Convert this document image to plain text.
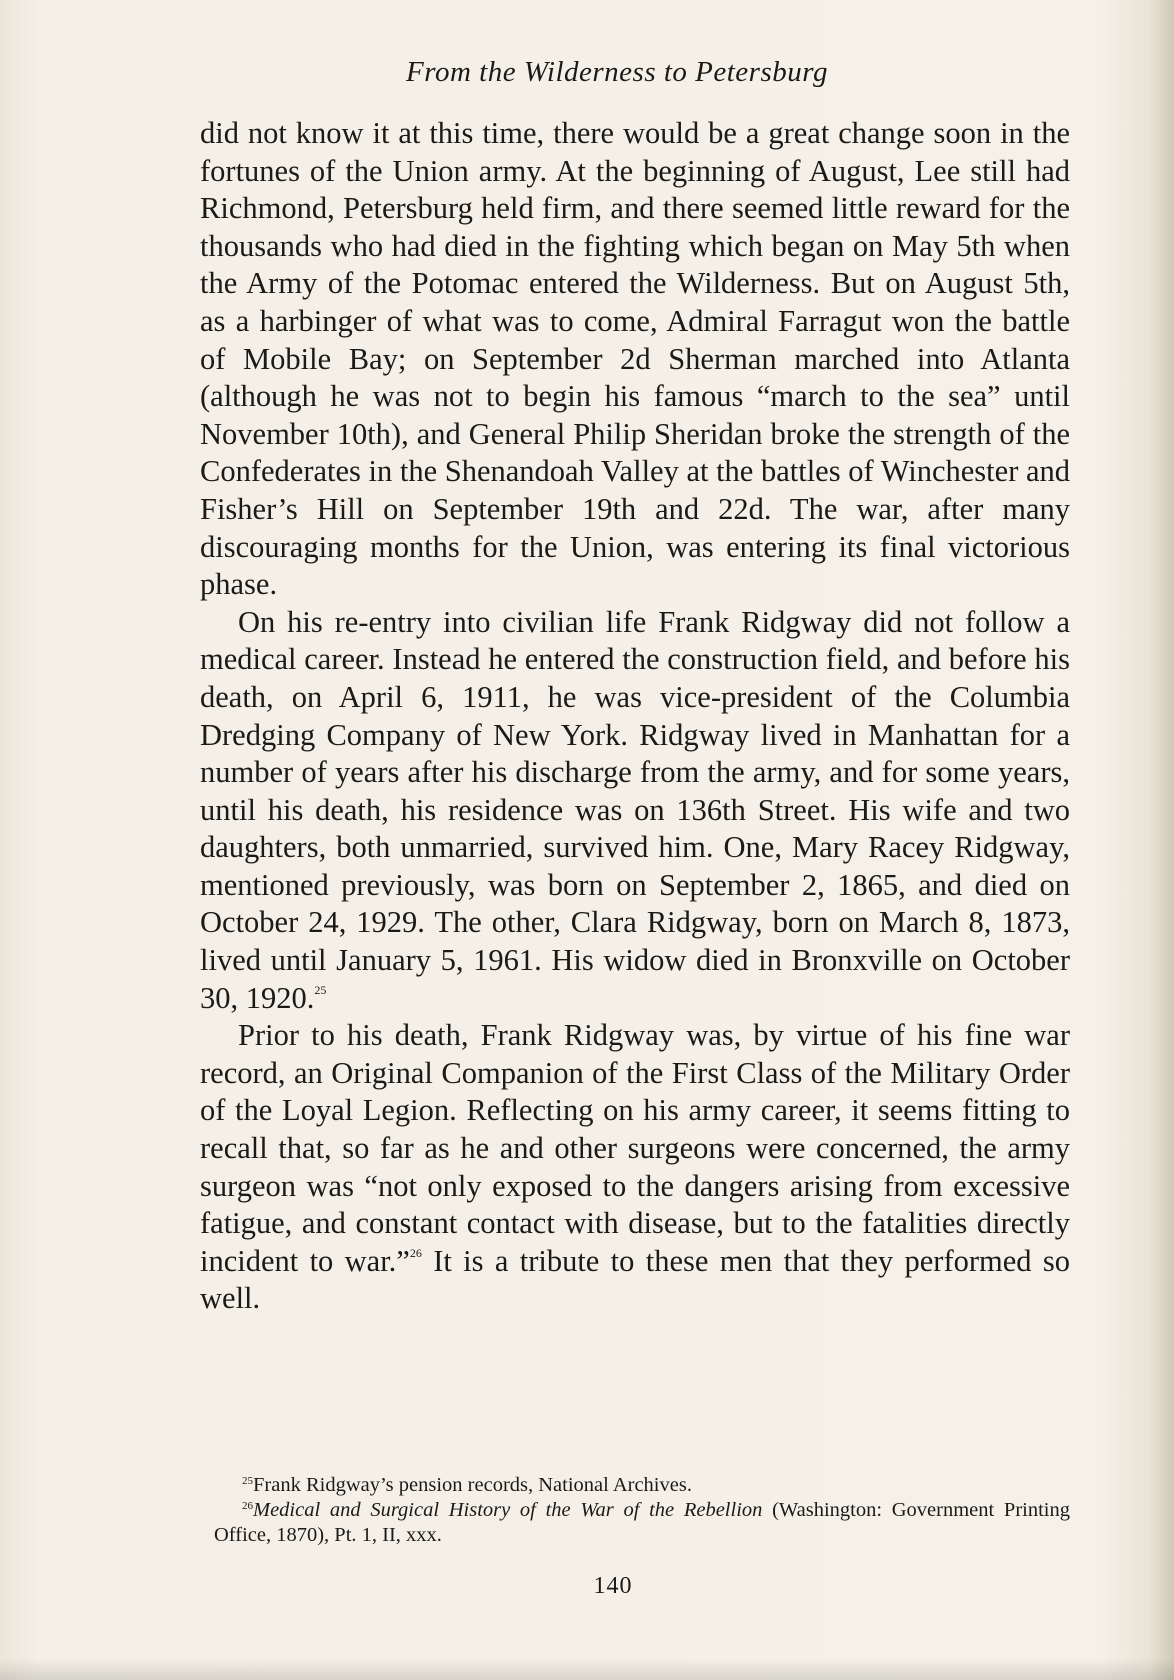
From the Wilderness to Petersburg

did not know it at this time, there would be a great change soon in the fortunes of the Union army. At the beginning of August, Lee still had Richmond, Petersburg held firm, and there seemed little reward for the thousands who had died in the fighting which began on May 5th when the Army of the Potomac entered the Wilderness. But on August 5th, as a harbinger of what was to come, Admiral Farragut won the battle of Mobile Bay; on September 2d Sherman marched into Atlanta (although he was not to begin his famous “march to the sea” until November 10th), and General Philip Sheridan broke the strength of the Confederates in the Shenandoah Valley at the battles of Winchester and Fisher’s Hill on September 19th and 22d. The war, after many discouraging months for the Union, was entering its final victorious phase.

On his re-entry into civilian life Frank Ridgway did not follow a medical career. Instead he entered the construction field, and before his death, on April 6, 1911, he was vice-president of the Columbia Dredging Company of New York. Ridgway lived in Manhattan for a number of years after his discharge from the army, and for some years, until his death, his residence was on 136th Street. His wife and two daughters, both unmarried, survived him. One, Mary Racey Ridgway, mentioned previously, was born on September 2, 1865, and died on October 24, 1929. The other, Clara Ridgway, born on March 8, 1873, lived until January 5, 1961. His widow died in Bronxville on October 30, 1920.25

Prior to his death, Frank Ridgway was, by virtue of his fine war record, an Original Companion of the First Class of the Military Order of the Loyal Legion. Reflecting on his army career, it seems fitting to recall that, so far as he and other surgeons were concerned, the army surgeon was “not only exposed to the dangers arising from excessive fatigue, and constant contact with disease, but to the fatalities directly incident to war.”$^{26}$ It is a tribute to these men that they performed so well.

$^{25}$Frank Ridgway’s pension records, National Archives.

$^{26}$Medical and Surgical History of the War of the Rebellion (Washington: Government Printing Office, 1870), Pt. 1, II, xxx.

140
